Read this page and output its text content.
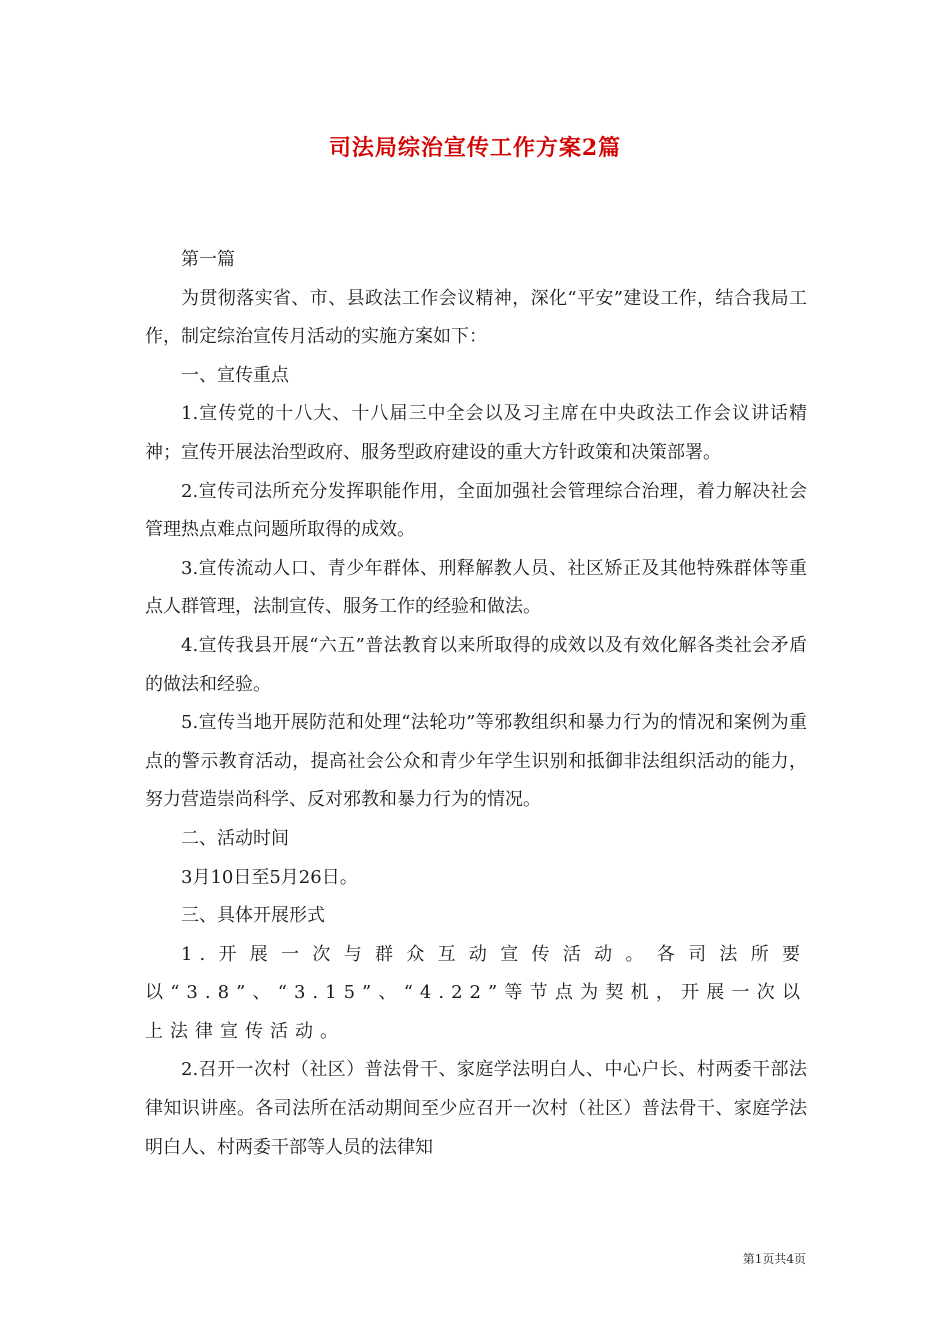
司法局综治宣传工作方案2篇

第一篇

为贯彻落实省、市、县政法工作会议精神，深化“平安”建设工作，结合我局工作，制定综治宣传月活动的实施方案如下：

一、宣传重点

1.宣传党的十八大、十八届三中全会以及习主席在中央政法工作会议讲话精神；宣传开展法治型政府、服务型政府建设的重大方针政策和决策部署。

2.宣传司法所充分发挥职能作用，全面加强社会管理综合治理，着力解决社会管理热点难点问题所取得的成效。

3.宣传流动人口、青少年群体、刑释解教人员、社区矫正及其他特殊群体等重点人群管理，法制宣传、服务工作的经验和做法。

4.宣传我县开展“六五”普法教育以来所取得的成效以及有效化解各类社会矛盾的做法和经验。

5.宣传当地开展防范和处理“法轮功”等邪教组织和暴力行为的情况和案例为重点的警示教育活动，提高社会公众和青少年学生识别和抵御非法组织活动的能力，努力营造崇尚科学、反对邪教和暴力行为的情况。

二、活动时间

3月10日至5月26日。

三、具体开展形式

1.开展一次与群众互动宣传活动。各司法所要以“3.8”、“3.15”、“4.22”等节点为契机，开展一次以上法律宣传活动。

2.召开一次村（社区）普法骨干、家庭学法明白人、中心户长、村两委干部法律知识讲座。各司法所在活动期间至少应召开一次村（社区）普法骨干、家庭学法明白人、村两委干部等人员的法律知

第1页共4页
